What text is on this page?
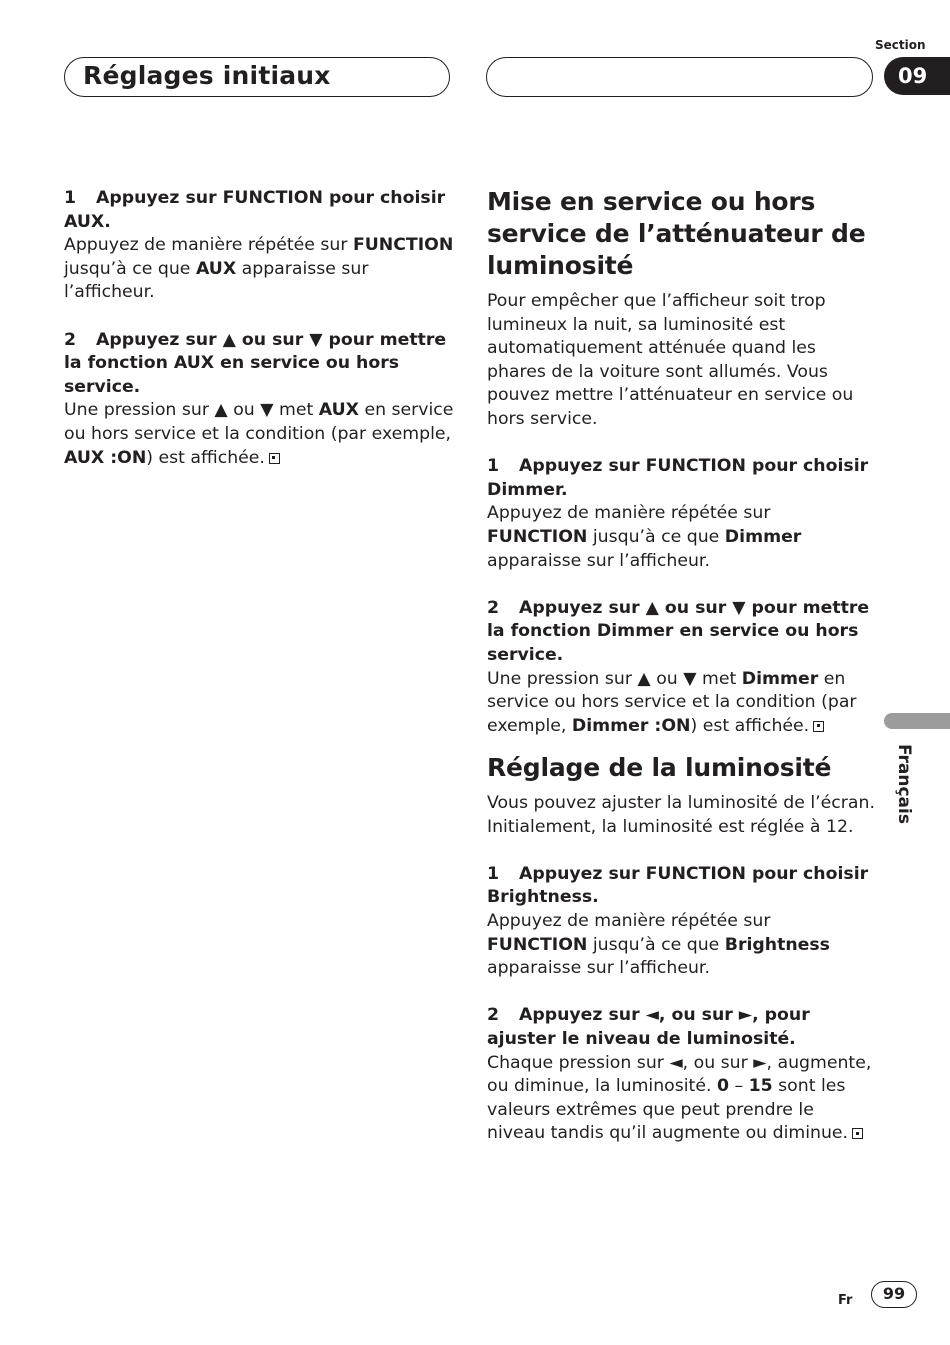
Réglages initiaux
Section
09

1 Appuyez sur FUNCTION pour choisir AUX.

Appuyez de manière répétée sur FUNCTION jusqu’à ce que AUX apparaisse sur l’afficheur.

2 Appuyez sur ▲ ou sur ▼ pour mettre la fonction AUX en service ou hors service.

Une pression sur ▲ ou ▼ met AUX en service ou hors service et la condition (par exemple, AUX :ON) est affichée.

Mise en service ou hors service de l’atténuateur de luminosité

Pour empêcher que l’afficheur soit trop lumineux la nuit, sa luminosité est automatiquement atténuée quand les phares de la voiture sont allumés. Vous pouvez mettre l’atténuateur en service ou hors service.

1 Appuyez sur FUNCTION pour choisir Dimmer.

Appuyez de manière répétée sur FUNCTION jusqu’à ce que Dimmer apparaisse sur l’afficheur.

2 Appuyez sur ▲ ou sur ▼ pour mettre la fonction Dimmer en service ou hors service.

Une pression sur ▲ ou ▼ met Dimmer en service ou hors service et la condition (par exemple, Dimmer :ON) est affichée.

Réglage de la luminosité

Vous pouvez ajuster la luminosité de l’écran. Initialement, la luminosité est réglée à 12.

1 Appuyez sur FUNCTION pour choisir Brightness.

Appuyez de manière répétée sur FUNCTION jusqu’à ce que Brightness apparaisse sur l’afficheur.

2 Appuyez sur ◄, ou sur ►, pour ajuster le niveau de luminosité.

Chaque pression sur ◄, ou sur ►, augmente, ou diminue, la luminosité. 0 – 15 sont les valeurs extrêmes que peut prendre le niveau tandis qu’il augmente ou diminue.

Français
Fr	99
